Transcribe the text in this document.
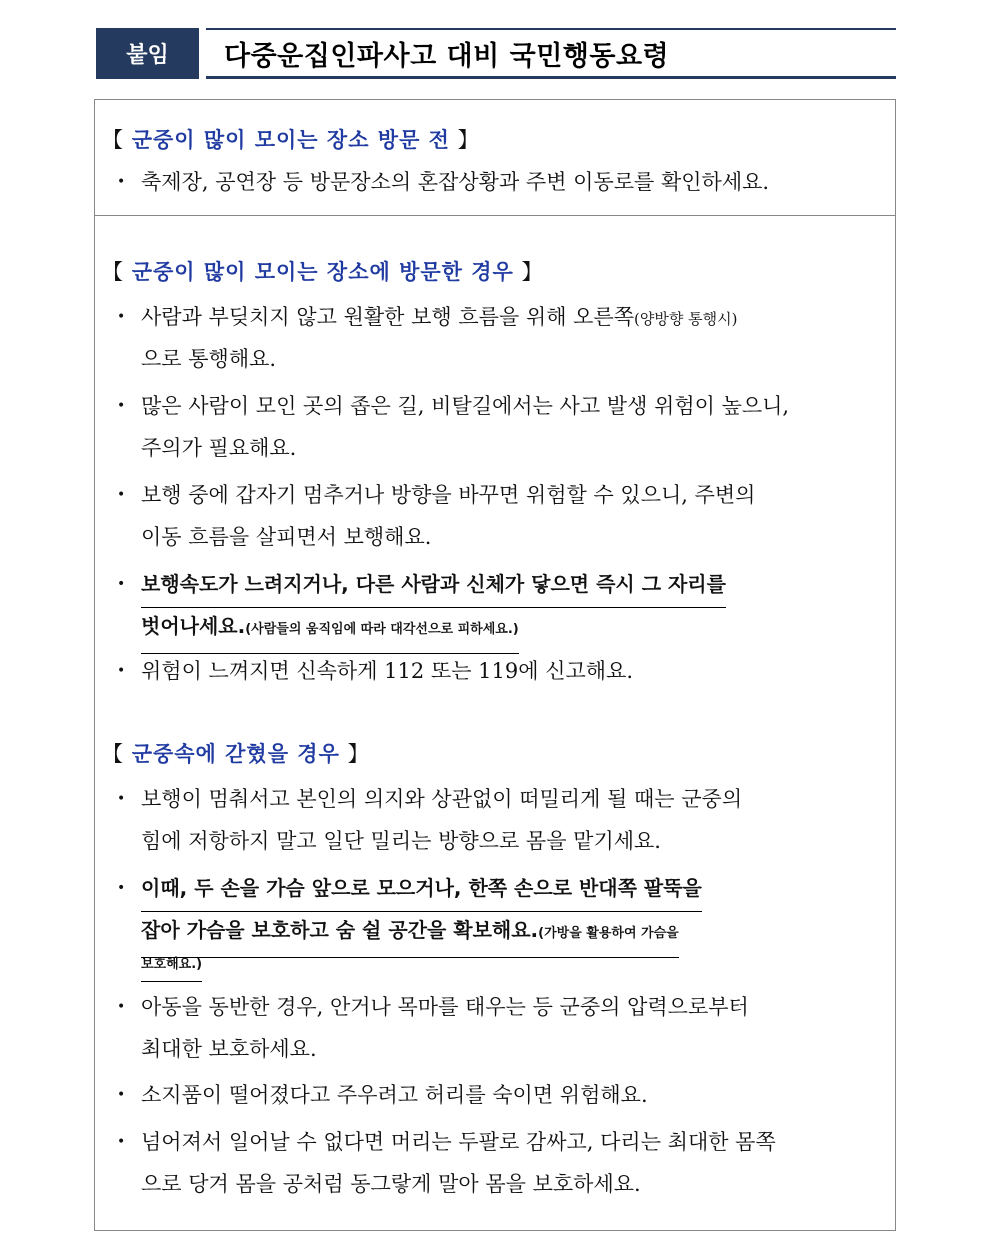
붙임	다중운집인파사고 대비 국민행동요령
【 군중이 많이 모이는 장소 방문 전 】
• 축제장, 공연장 등 방문장소의 혼잡상황과 주변 이동로를 확인하세요.
【 군중이 많이 모이는 장소에 방문한 경우 】
• 사람과 부딪치지 않고 원활한 보행 흐름을 위해 오른쪽(양방향 통행시)
으로 통행해요.
• 많은 사람이 모인 곳의 좁은 길, 비탈길에서는 사고 발생 위험이 높으니,
주의가 필요해요.
• 보행 중에 갑자기 멈추거나 방향을 바꾸면 위험할 수 있으니, 주변의
이동 흐름을 살피면서 보행해요.
• 보행속도가 느려지거나, 다른 사람과 신체가 닿으면 즉시 그 자리를
벗어나세요.(사람들의 움직임에 따라 대각선으로 피하세요.)
• 위험이 느껴지면 신속하게 112 또는 119에 신고해요.
【 군중속에 갇혔을 경우 】
• 보행이 멈춰서고 본인의 의지와 상관없이 떠밀리게 될 때는 군중의
힘에 저항하지 말고 일단 밀리는 방향으로 몸을 맡기세요.
• 이때, 두 손을 가슴 앞으로 모으거나, 한쪽 손으로 반대쪽 팔뚝을
잡아 가슴을 보호하고 숨 쉴 공간을 확보해요.(가방을 활용하여 가슴을
보호해요.)
• 아동을 동반한 경우, 안거나 목마를 태우는 등 군중의 압력으로부터
최대한 보호하세요.
• 소지품이 떨어졌다고 주우려고 허리를 숙이면 위험해요.
• 넘어져서 일어날 수 없다면 머리는 두팔로 감싸고, 다리는 최대한 몸쪽
으로 당겨 몸을 공처럼 동그랗게 말아 몸을 보호하세요.
